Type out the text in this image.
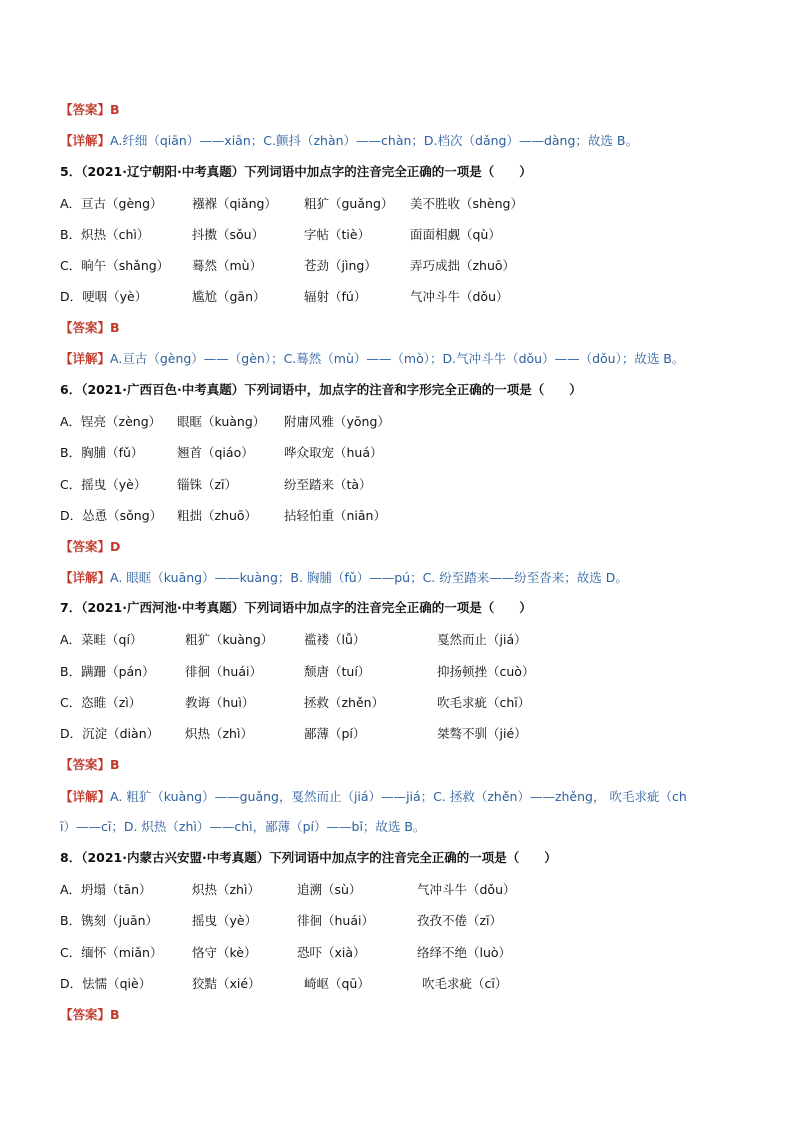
【答案】B
【详解】A.纤细（qiān）——xiān；C.颤抖（zhàn）——chàn；D.档次（dǎng）——dàng；故选 B。
5．（2021·辽宁朝阳·中考真题）下列词语中加点字的注音完全正确的一项是（　　）
A．亘古（gèng） 襁褓（qiǎng） 粗犷（guǎng） 美不胜收（shèng）
B．炽热（chì）	抖擞（sǒu）	字帖（tiè）	面面相觑（qù）
C．晌午（shǎng） 蓦然（mù）	苍劲（jìng）	弄巧成拙（zhuō）
D．哽咽（yè）	尴尬（gān）	辐射（fú）	气冲斗牛（dǒu）
【答案】B
【详解】A.亘古（gèng）——（gèn）；C.蓦然（mù）——（mò）；D.气冲斗牛（dǒu）——（dǒu）；故选 B。
6．（2021·广西百色·中考真题）下列词语中，加点字的注音和字形完全正确的一项是（　　）
A．锃亮（zèng） 眼眶（kuàng） 附庸风雅（yōng）
B．胸脯（fǔ）	翘首（qiáo） 哗众取宠（huá）
C．摇曳（yè） 锱铢（zī）	纷至踏来（tà）
D．怂恿（sǒng） 粗拙（zhuō） 拈轻怕重（niān）
【答案】D
【详解】A. 眼眶（kuāng）——kuàng；B. 胸脯（fǔ）——pú；C. 纷至踏来——纷至沓来；故选 D。
7．（2021·广西河池·中考真题）下列词语中加点字的注音完全正确的一项是（　　）
A．菜畦（qí）	粗犷（kuàng） 褴褛（lǚ）	戛然而止（jiá）
B．蹒跚（pán） 徘徊（huái）	颓唐（tuí）	抑扬顿挫（cuò）
C．恣睢（zì）	教诲（huì）	拯救（zhěn）	吹毛求疵（chī）
D．沉淀（diàn） 炽热（zhì）	鄙薄（pí）	桀骜不驯（jié）
【答案】B
【详解】A. 粗犷（kuàng）——guǎng，戛然而止（jiá）——jiá；C. 拯救（zhěn）——zhěng， 吹毛求疵（ch
ī）——cī；D. 炽热（zhì）——chì，鄙薄（pí）——bǐ；故选 B。
8．（2021·内蒙古兴安盟·中考真题）下列词语中加点字的注音完全正确的一项是（　　）
A．坍塌（tān）	炽热（zhì）	追溯（sù）	气冲斗牛（dǒu）
B．镌刻（juān）	摇曳（yè）	徘徊（huái）	孜孜不倦（zī）
C．缅怀（miǎn） 恪守（kè）	恐吓（xià）	络绎不绝（luò）
D．怯懦（qiè）	狡黠（xié）	崎岖（qū）	吹毛求疵（cī）
【答案】B
